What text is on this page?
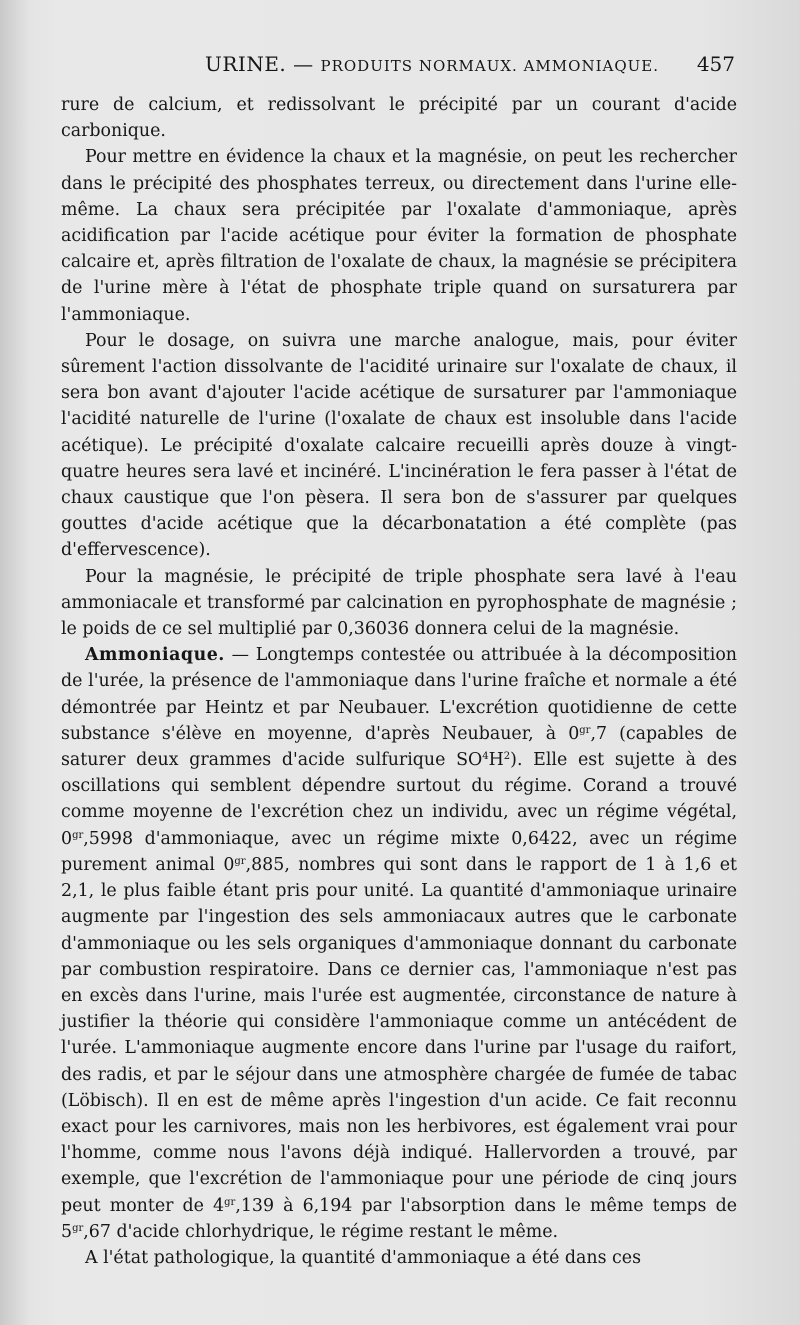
URINE. — PRODUITS NORMAUX. AMMONIAQUE. 457

rure de calcium, et redissolvant le précipité par un courant d'acide carbonique.

Pour mettre en évidence la chaux et la magnésie, on peut les rechercher dans le précipité des phosphates terreux, ou directement dans l'urine elle-même. La chaux sera précipitée par l'oxalate d'ammoniaque, après acidification par l'acide acétique pour éviter la formation de phosphate calcaire et, après filtration de l'oxalate de chaux, la magnésie se précipitera de l'urine mère à l'état de phosphate triple quand on sursaturera par l'ammoniaque.

Pour le dosage, on suivra une marche analogue, mais, pour éviter sûrement l'action dissolvante de l'acidité urinaire sur l'oxalate de chaux, il sera bon avant d'ajouter l'acide acétique de sursaturer par l'ammoniaque l'acidité naturelle de l'urine (l'oxalate de chaux est insoluble dans l'acide acétique). Le précipité d'oxalate calcaire recueilli après douze à vingt-quatre heures sera lavé et incinéré. L'incinération le fera passer à l'état de chaux caustique que l'on pèsera. Il sera bon de s'assurer par quelques gouttes d'acide acétique que la décarbonatation a été complète (pas d'effervescence).

Pour la magnésie, le précipité de triple phosphate sera lavé à l'eau ammoniacale et transformé par calcination en pyrophosphate de magnésie ; le poids de ce sel multiplié par 0,36036 donnera celui de la magnésie.

Ammoniaque. — Longtemps contestée ou attribuée à la décomposition de l'urée, la présence de l'ammoniaque dans l'urine fraîche et normale a été démontrée par Heintz et par Neubauer. L'excrétion quotidienne de cette substance s'élève en moyenne, d'après Neubauer, à $0^{gr},7$ (capables de saturer deux grammes d'acide sulfurique $SO^4H^2$). Elle est sujette à des oscillations qui semblent dépendre surtout du régime. Corand a trouvé comme moyenne de l'excrétion chez un individu, avec un régime végétal, $0^{gr},5998$ d'ammoniaque, avec un régime mixte 0,6422, avec un régime purement animal $0^{gr},885$, nombres qui sont dans le rapport de 1 à 1,6 et 2,1, le plus faible étant pris pour unité. La quantité d'ammoniaque urinaire augmente par l'ingestion des sels ammoniacaux autres que le carbonate d'ammoniaque ou les sels organiques d'ammoniaque donnant du carbonate par combustion respiratoire. Dans ce dernier cas, l'ammoniaque n'est pas en excès dans l'urine, mais l'urée est augmentée, circonstance de nature à justifier la théorie qui considère l'ammoniaque comme un antécédent de l'urée. L'ammoniaque augmente encore dans l'urine par l'usage du raifort, des radis, et par le séjour dans une atmosphère chargée de fumée de tabac (Löbisch). Il en est de même après l'ingestion d'un acide. Ce fait reconnu exact pour les carnivores, mais non les herbivores, est également vrai pour l'homme, comme nous l'avons déjà indiqué. Hallervorden a trouvé, par exemple, que l'excrétion de l'ammoniaque pour une période de cinq jours peut monter de $4^{gr},139$ à 6,194 par l'absorption dans le même temps de $5^{gr},67$ d'acide chlorhydrique, le régime restant le même.

A l'état pathologique, la quantité d'ammoniaque a été dans ces
